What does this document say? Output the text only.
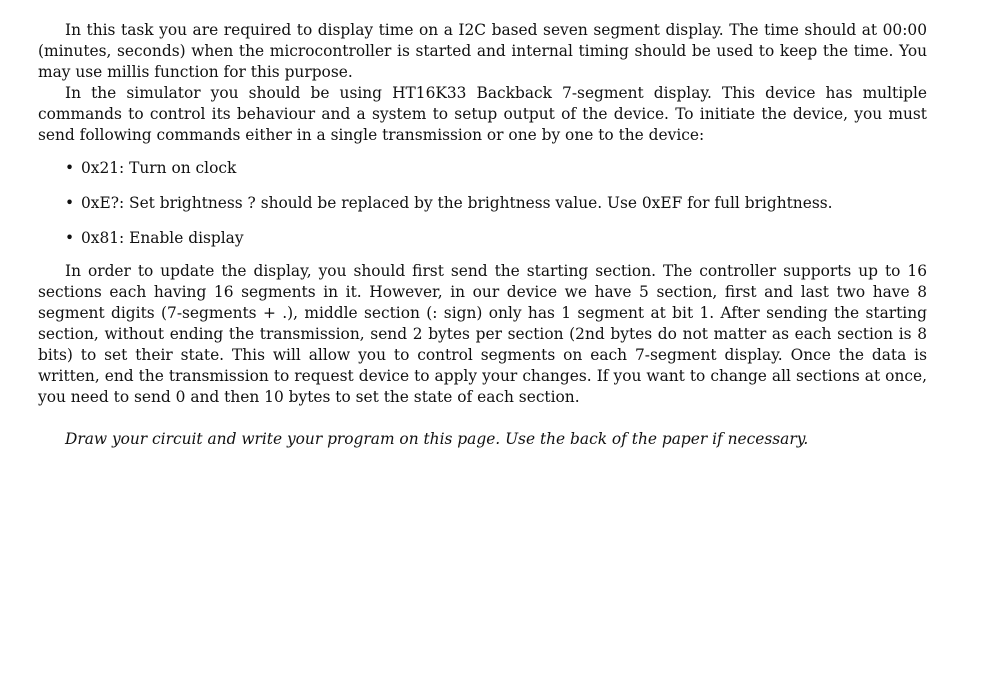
In this task you are required to display time on a I2C based seven segment display. The time should at 00:00 (minutes, seconds) when the microcontroller is started and internal timing should be used to keep the time. You may use millis function for this purpose.

In the simulator you should be using HT16K33 Backback 7-segment display. This device has multiple commands to control its behaviour and a system to setup output of the device. To initiate the device, you must send following commands either in a single transmission or one by one to the device:

• 0x21: Turn on clock
• 0xE?: Set brightness ? should be replaced by the brightness value. Use 0xEF for full brightness.
• 0x81: Enable display

In order to update the display, you should first send the starting section. The controller supports up to 16 sections each having 16 segments in it. However, in our device we have 5 section, first and last two have 8 segment digits (7-segments + .), middle section (: sign) only has 1 segment at bit 1. After sending the starting section, without ending the transmission, send 2 bytes per section (2nd bytes do not matter as each section is 8 bits) to set their state. This will allow you to control segments on each 7-segment display. Once the data is written, end the transmission to request device to apply your changes. If you want to change all sections at once, you need to send 0 and then 10 bytes to set the state of each section.

Draw your circuit and write your program on this page. Use the back of the paper if necessary.
